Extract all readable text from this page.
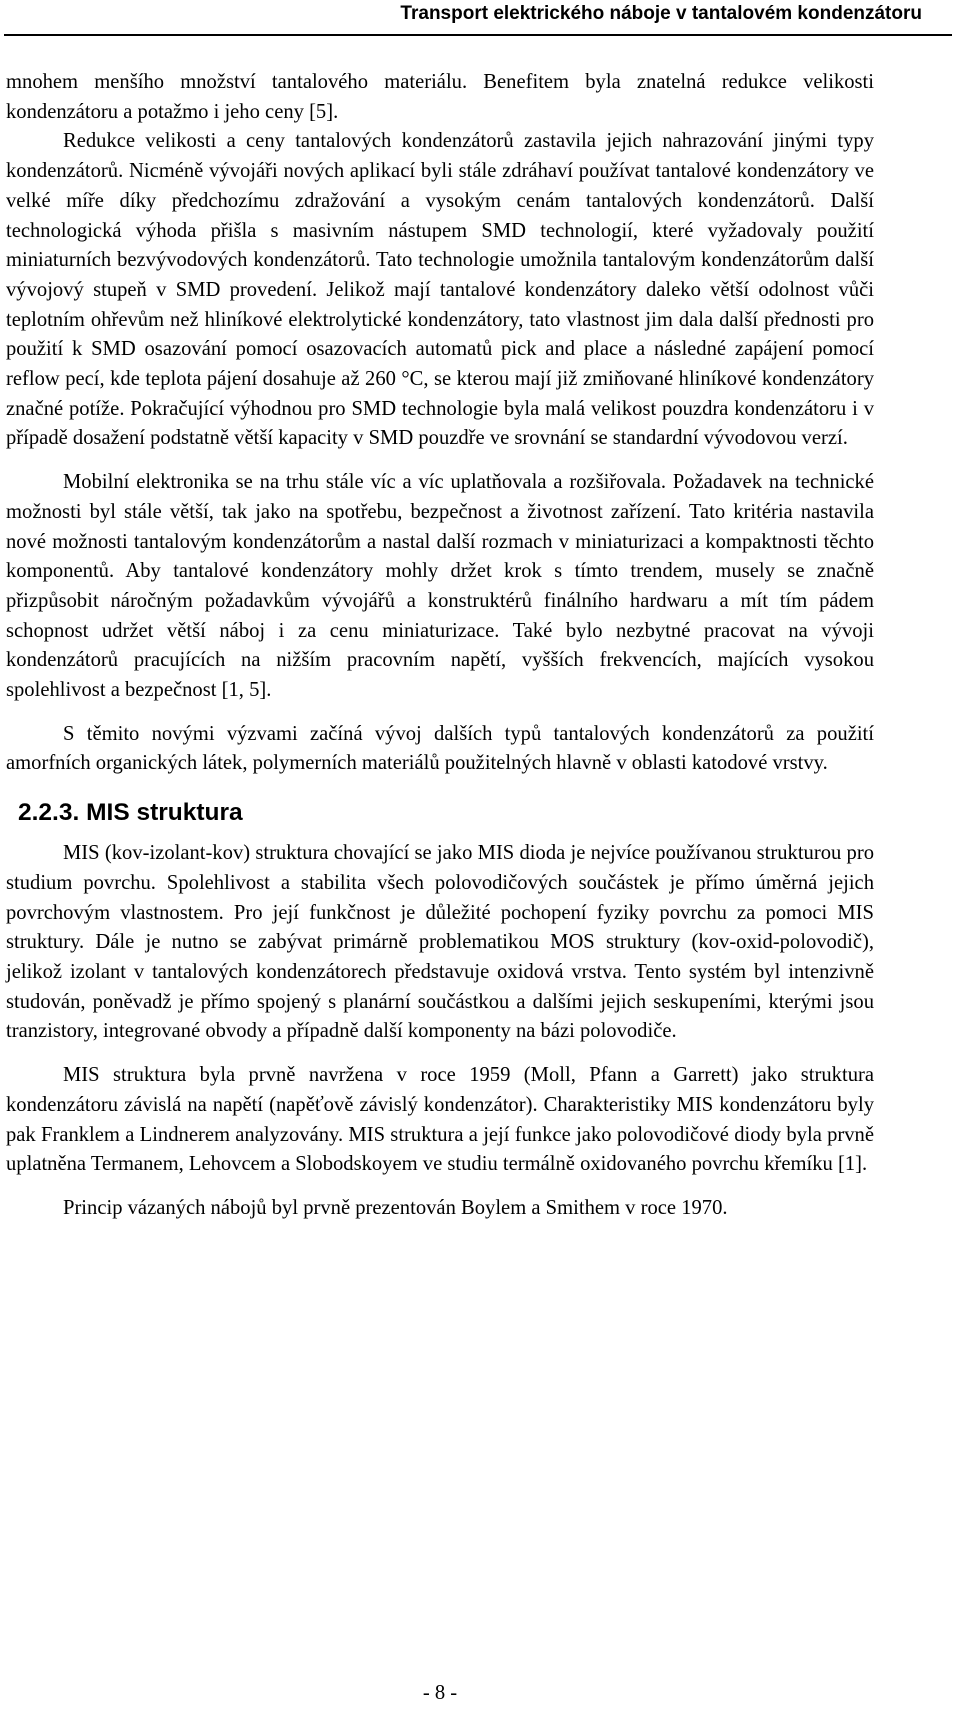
Transport elektrického náboje v tantalovém kondenzátoru

mnohem menšího množství tantalového materiálu. Benefitem byla znatelná redukce velikosti kondenzátoru a potažmo i jeho ceny [5].

Redukce velikosti a ceny tantalových kondenzátorů zastavila jejich nahrazování jinými typy kondenzátorů. Nicméně vývojáři nových aplikací byli stále zdráhaví používat tantalové kondenzátory ve velké míře díky předchozímu zdražování a vysokým cenám tantalových kondenzátorů. Další technologická výhoda přišla s masivním nástupem SMD technologií, které vyžadovaly použití miniaturních bezvývodových kondenzátorů. Tato technologie umožnila tantalovým kondenzátorům další vývojový stupeň v SMD provedení. Jelikož mají tantalové kondenzátory daleko větší odolnost vůči teplotním ohřevům než hliníkové elektrolytické kondenzátory, tato vlastnost jim dala další přednosti pro použití k SMD osazování pomocí osazovacích automatů pick and place a následné zapájení pomocí reflow pecí, kde teplota pájení dosahuje až 260 °C, se kterou mají již zmiňované hliníkové kondenzátory značné potíže. Pokračující výhodnou pro SMD technologie byla malá velikost pouzdra kondenzátoru i v případě dosažení podstatně větší kapacity v SMD pouzdře ve srovnání se standardní vývodovou verzí.

Mobilní elektronika se na trhu stále víc a víc uplatňovala a rozšiřovala. Požadavek na technické možnosti byl stále větší, tak jako na spotřebu, bezpečnost a životnost zařízení. Tato kritéria nastavila nové možnosti tantalovým kondenzátorům a nastal další rozmach v miniaturizaci a kompaktnosti těchto komponentů. Aby tantalové kondenzátory mohly držet krok s tímto trendem, musely se značně přizpůsobit náročným požadavkům vývojářů a konstruktérů finálního hardwaru a mít tím pádem schopnost udržet větší náboj i za cenu miniaturizace. Také bylo nezbytné pracovat na vývoji kondenzátorů pracujících na nižším pracovním napětí, vyšších frekvencích, majících vysokou spolehlivost a bezpečnost [1, 5].

S těmito novými výzvami začíná vývoj dalších typů tantalových kondenzátorů za použití amorfních organických látek, polymerních materiálů použitelných hlavně v oblasti katodové vrstvy.

2.2.3. MIS struktura

MIS (kov-izolant-kov) struktura chovající se jako MIS dioda je nejvíce používanou strukturou pro studium povrchu. Spolehlivost a stabilita všech polovodičových součástek je přímo úměrná jejich povrchovým vlastnostem. Pro její funkčnost je důležité pochopení fyziky povrchu za pomoci MIS struktury. Dále je nutno se zabývat primárně problematikou MOS struktury (kov-oxid-polovodič), jelikož izolant v tantalových kondenzátorech představuje oxidová vrstva. Tento systém byl intenzivně studován, poněvadž je přímo spojený s planární součástkou a dalšími jejich seskupeními, kterými jsou tranzistory, integrované obvody a případně další komponenty na bázi polovodiče.

MIS struktura byla prvně navržena v roce 1959 (Moll, Pfann a Garrett) jako struktura kondenzátoru závislá na napětí (napěťově závislý kondenzátor). Charakteristiky MIS kondenzátoru byly pak Franklem a Lindnerem analyzovány. MIS struktura a její funkce jako polovodičové diody byla prvně uplatněna Termanem, Lehovcem a Slobodskoyem ve studiu termálně oxidovaného povrchu křemíku [1].

Princip vázaných nábojů byl prvně prezentován Boylem a Smithem v roce 1970.

- 8 -
